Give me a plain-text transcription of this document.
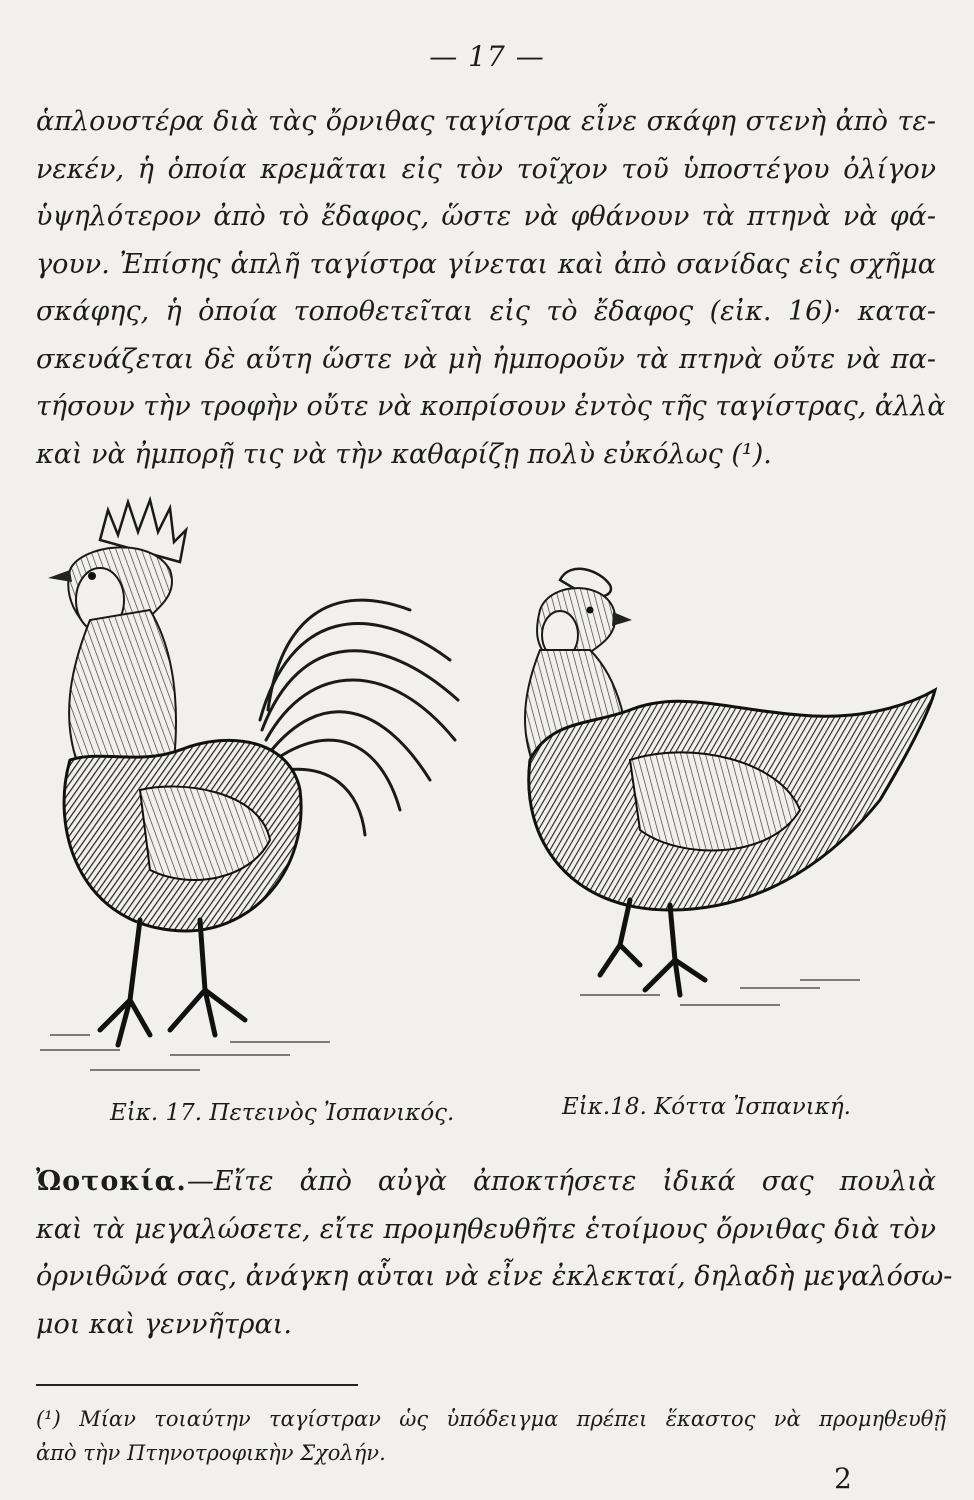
— 17 —
ἁπλουστέρα διὰ τὰς ὄρνιθας ταγίστρα εἶνε σκάφη στενὴ ἀπὸ τε-
νεκέν, ἡ ὁποία κρεμᾶται εἰς τὸν τοῖχον τοῦ ὑποστέγου ὀλίγον
ὑψηλότερον ἀπὸ τὸ ἔδαφος, ὥστε νὰ φθάνουν τὰ πτηνὰ νὰ φά-
γουν. Ἐπίσης ἁπλῆ ταγίστρα γίνεται καὶ ἀπὸ σανίδας εἰς σχῆμα
σκάφης, ἡ ὁποία τοποθετεῖται εἰς τὸ ἔδαφος (εἰκ. 16)· κατα-
σκευάζεται δὲ αὕτη ὥστε νὰ μὴ ἠμποροῦν τὰ πτηνὰ οὔτε νὰ πα-
τήσουν τὴν τροφὴν οὔτε νὰ κοπρίσουν ἐντὸς τῆς ταγίστρας, ἀλλὰ
καὶ νὰ ἠμπορῇ τις νὰ τὴν καθαρίζῃ πολὺ εὐκόλως (¹).
Εἰκ. 17. Πετεινὸς Ἰσπανικός.	Εἰκ.18. Κόττα Ἰσπανική.
Ὠοτοκία.—Εἴτε ἀπὸ αὐγὰ ἀποκτήσετε ἰδικά σας πουλιὰ
καὶ τὰ μεγαλώσετε, εἴτε προμηθευθῆτε ἑτοίμους ὄρνιθας διὰ τὸν
ὀρνιθῶνά σας, ἀνάγκη αὗται νὰ εἶνε ἐκλεκταί, δηλαδὴ μεγαλόσω-
μοι καὶ γεννῆτραι.
(¹) Μίαν τοιαύτην ταγίστραν ὡς ὑπόδειγμα πρέπει ἕκαστος νὰ προμηθευθῇ
ἀπὸ τὴν Πτηνοτροφικὴν Σχολήν.
2
